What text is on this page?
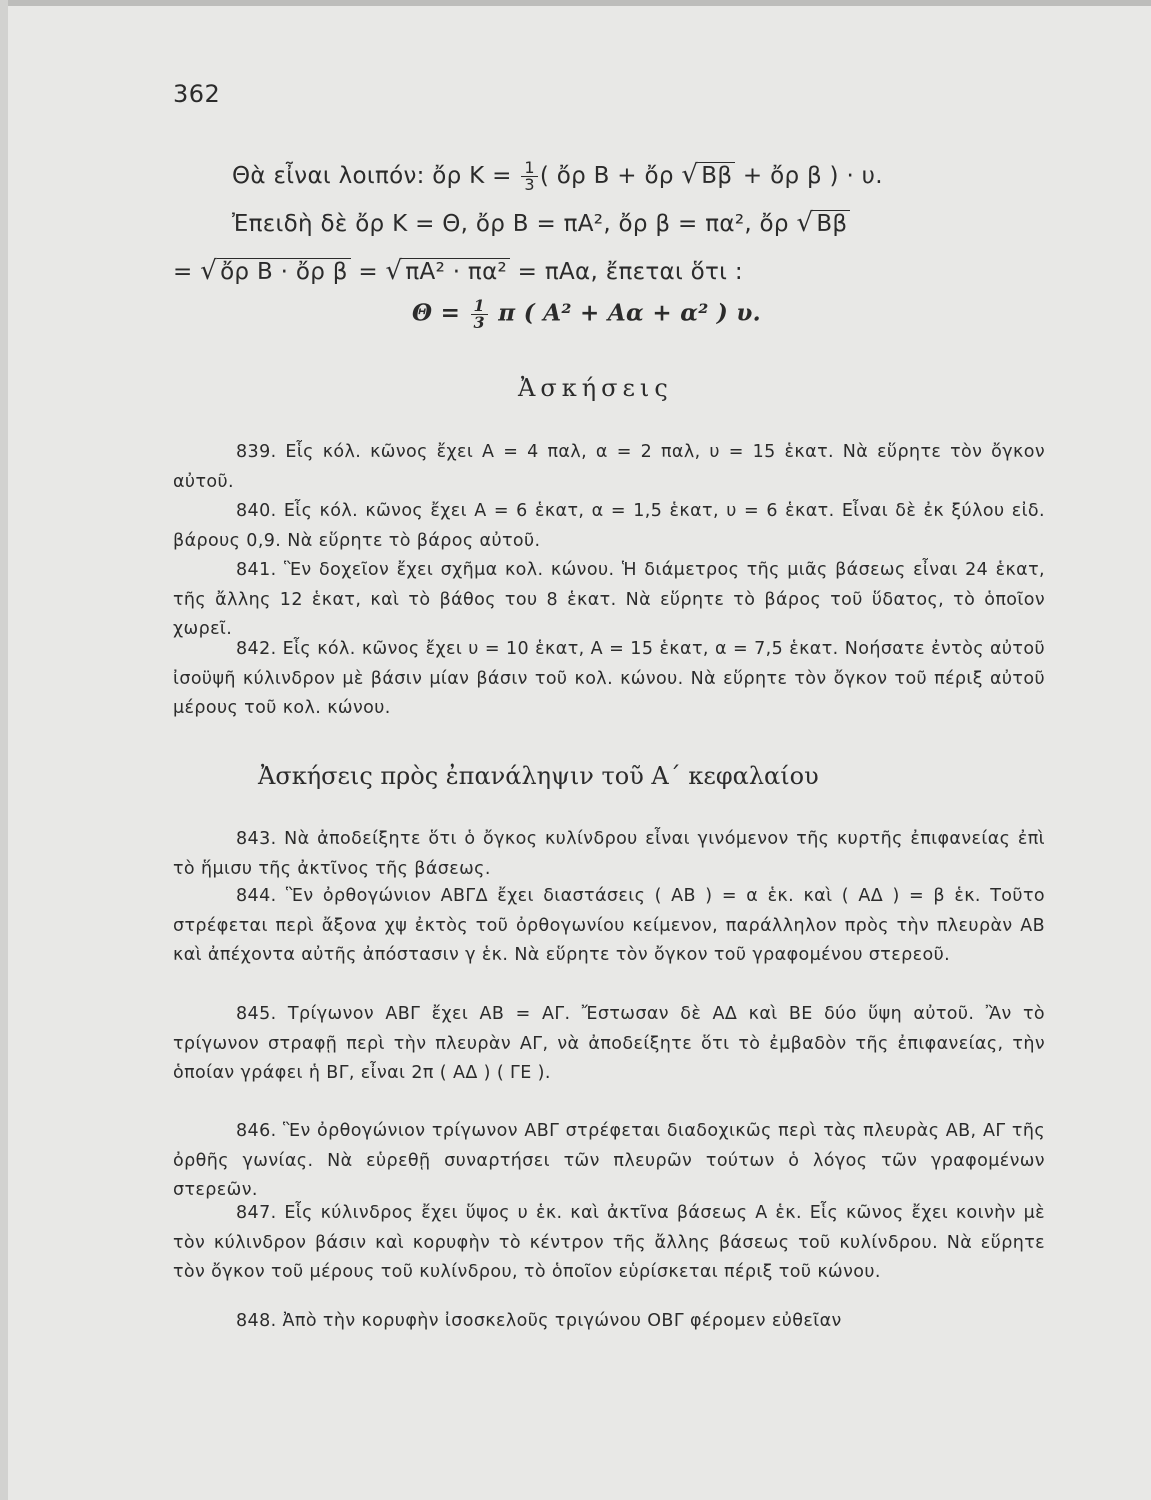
362
Θὰ εἶναι λοιπόν: ὄρ $K = \frac{1}{3}$ ( ὄρ Β + ὄρ √ Ββ + ὄρ β ) · υ.
Ἐπειδὴ δὲ ὄρ Κ = Θ, ὄρ Β = πΑ², ὄρ β = πα², ὄρ √ Ββ
= √ ὄρ Β · ὄρ β = √ πΑ² · πα² = πΑα, ἔπεται ὅτι :
$\Theta = \frac{1}{3}$ π ( Α² + Αα + α² ) υ.
Ἀσκήσεις

839. Εἷς κόλ. κῶνος ἔχει Α = 4 παλ, α = 2 παλ, υ = 15 ἑκατ. Νὰ εὕρητε τὸν ὄγκον αὐτοῦ.

840. Εἷς κόλ. κῶνος ἔχει Α = 6 ἑκατ, α = 1,5 ἑκατ, υ = 6 ἑκατ. Εἶναι δὲ ἐκ ξύλου εἰδ. βάρους 0,9. Νὰ εὕρητε τὸ βάρος αὐτοῦ.

841. Ἓν δοχεῖον ἔχει σχῆμα κολ. κώνου. Ἡ διάμετρος τῆς μιᾶς βάσεως εἶναι 24 ἑκατ, τῆς ἄλλης 12 ἑκατ, καὶ τὸ βάθος του 8 ἑκατ. Νὰ εὕρητε τὸ βάρος τοῦ ὕδατος, τὸ ὁποῖον χωρεῖ.

842. Εἷς κόλ. κῶνος ἔχει υ = 10 ἑκατ, Α = 15 ἑκατ, α = 7,5 ἑκατ. Νοήσατε ἐντὸς αὐτοῦ ἰσοϋψῆ κύλινδρον μὲ βάσιν μίαν βάσιν τοῦ κολ. κώνου. Νὰ εὕρητε τὸν ὄγκον τοῦ πέριξ αὐτοῦ μέρους τοῦ κολ. κώνου.

Ἀσκήσεις πρὸς ἐπανάληψιν τοῦ Α΄ κεφαλαίου

843. Νὰ ἀποδείξητε ὅτι ὁ ὄγκος κυλίνδρου εἶναι γινόμενον τῆς κυρτῆς ἐπιφανείας ἐπὶ τὸ ἥμισυ τῆς ἀκτῖνος τῆς βάσεως.

844. Ἓν ὀρθογώνιον ΑΒΓΔ ἔχει διαστάσεις ( ΑΒ ) = α ἑκ. καὶ ( ΑΔ ) = β ἑκ. Τοῦτο στρέφεται περὶ ἄξονα χψ ἐκτὸς τοῦ ὀρθογωνίου κείμενον, παράλληλον πρὸς τὴν πλευρὰν ΑΒ καὶ ἀπέχοντα αὐτῆς ἀπόστασιν γ ἑκ. Νὰ εὕρητε τὸν ὄγκον τοῦ γραφομένου στερεοῦ.

845. Τρίγωνον ΑΒΓ ἔχει ΑΒ = ΑΓ. Ἔστωσαν δὲ ΑΔ καὶ ΒΕ δύο ὕψη αὐτοῦ. Ἂν τὸ τρίγωνον στραφῇ περὶ τὴν πλευρὰν ΑΓ, νὰ ἀποδείξητε ὅτι τὸ ἐμβαδὸν τῆς ἐπιφανείας, τὴν ὁποίαν γράφει ἡ ΒΓ, εἶναι 2π ( ΑΔ ) ( ΓΕ ).

846. Ἓν ὀρθογώνιον τρίγωνον ΑΒΓ στρέφεται διαδοχικῶς περὶ τὰς πλευρὰς ΑΒ, ΑΓ τῆς ὀρθῆς γωνίας. Νὰ εὑρεθῇ συναρτήσει τῶν πλευρῶν τούτων ὁ λόγος τῶν γραφομένων στερεῶν.

847. Εἷς κύλινδρος ἔχει ὕψος υ ἑκ. καὶ ἀκτῖνα βάσεως Α ἑκ. Εἷς κῶνος ἔχει κοινὴν μὲ τὸν κύλινδρον βάσιν καὶ κορυφὴν τὸ κέντρον τῆς ἄλλης βάσεως τοῦ κυλίνδρου. Νὰ εὕρητε τὸν ὄγκον τοῦ μέρους τοῦ κυλίνδρου, τὸ ὁποῖον εὑρίσκεται πέριξ τοῦ κώνου.

848. Ἀπὸ τὴν κορυφὴν ἰσοσκελοῦς τριγώνου ΟΒΓ φέρομεν εὐθεῖαν
